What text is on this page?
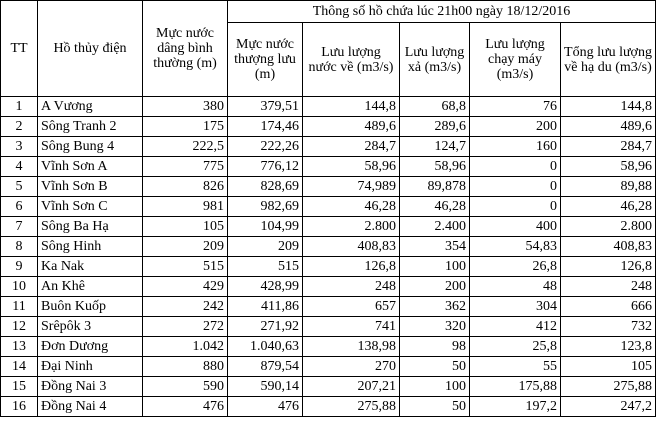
TT	Hồ thủy điện	Mực nước dâng bình thường (m)	Thông số hồ chứa lúc 21h00 ngày 18/12/2016				
			Mực nước thượng lưu (m)	Lưu lượng nước về (m3/s)	Lưu lượng xả (m3/s)	Lưu lượng chạy máy (m3/s)	Tổng lưu lượng về hạ du (m3/s)
1	A Vương	380	379,51	144,8	68,8	76	144,8
2	Sông Tranh 2	175	174,46	489,6	289,6	200	489,6
3	Sông Bung 4	222,5	222,26	284,7	124,7	160	284,7
4	Vĩnh Sơn A	775	776,12	58,96	58,96	0	58,96
5	Vĩnh Sơn B	826	828,69	74,989	89,878	0	89,88
6	Vĩnh Sơn C	981	982,69	46,28	46,28	0	46,28
7	Sông Ba Hạ	105	104,99	2.800	2.400	400	2.800
8	Sông Hinh	209	209	408,83	354	54,83	408,83
9	Ka Nak	515	515	126,8	100	26,8	126,8
10	An Khê	429	428,99	248	200	48	248
11	Buôn Kuốp	242	411,86	657	362	304	666
12	Srêpôk 3	272	271,92	741	320	412	732
13	Đơn Dương	1.042	1.040,63	138,98	98	25,8	123,8
14	Đại Ninh	880	879,54	270	50	55	105
15	Đồng Nai 3	590	590,14	207,21	100	175,88	275,88
16	Đồng Nai 4	476	476	275,88	50	197,2	247,2
